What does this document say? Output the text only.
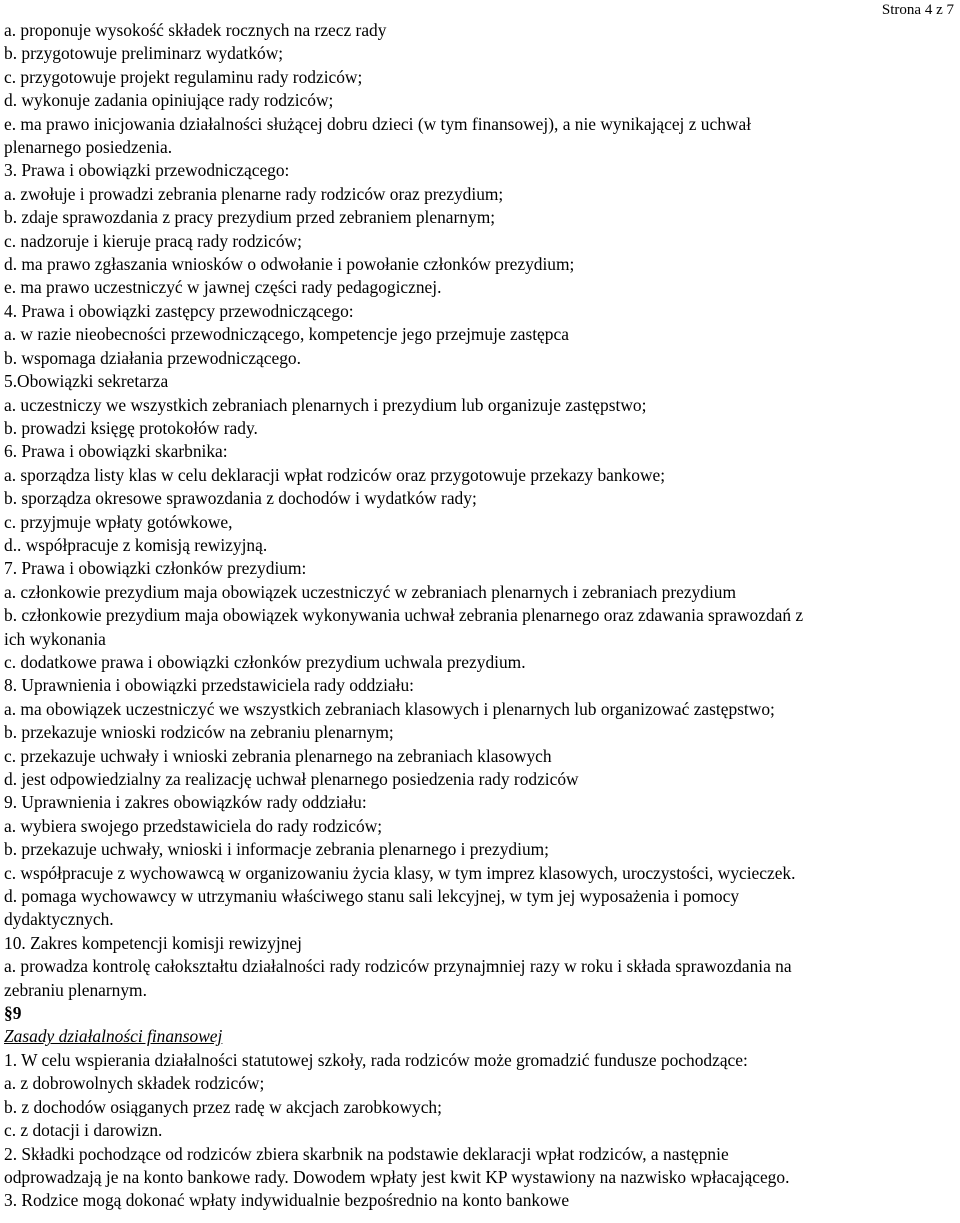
Strona 4 z 7
a. proponuje wysokość składek rocznych na rzecz rady
b. przygotowuje preliminarz wydatków;
c. przygotowuje projekt regulaminu rady rodziców;
d. wykonuje zadania opiniujące rady rodziców;
e. ma prawo inicjowania działalności służącej dobru dzieci (w tym finansowej), a nie wynikającej z uchwał
plenarnego posiedzenia.
3. Prawa i obowiązki przewodniczącego:
a. zwołuje i prowadzi zebrania plenarne rady rodziców oraz prezydium;
b. zdaje sprawozdania z pracy prezydium przed zebraniem plenarnym;
c. nadzoruje i kieruje pracą rady rodziców;
d. ma prawo zgłaszania wniosków o odwołanie i powołanie członków prezydium;
e. ma prawo uczestniczyć w jawnej części rady pedagogicznej.
4. Prawa i obowiązki zastępcy przewodniczącego:
a. w razie nieobecności przewodniczącego, kompetencje jego przejmuje zastępca
b. wspomaga działania przewodniczącego.
5.Obowiązki sekretarza
a. uczestniczy we wszystkich zebraniach plenarnych i prezydium lub organizuje zastępstwo;
b. prowadzi księgę protokołów rady.
6. Prawa i obowiązki skarbnika:
a. sporządza listy klas w celu deklaracji wpłat rodziców oraz przygotowuje przekazy bankowe;
b. sporządza okresowe sprawozdania z dochodów i wydatków rady;
c. przyjmuje wpłaty gotówkowe,
d.. współpracuje z komisją rewizyjną.
7. Prawa i obowiązki członków prezydium:
a. członkowie prezydium maja obowiązek uczestniczyć w zebraniach plenarnych i zebraniach prezydium
b. członkowie prezydium maja obowiązek wykonywania uchwał zebrania plenarnego oraz zdawania sprawozdań z
ich wykonania
c. dodatkowe prawa i obowiązki członków prezydium uchwala prezydium.
8. Uprawnienia i obowiązki przedstawiciela rady oddziału:
a. ma obowiązek uczestniczyć we wszystkich zebraniach klasowych i plenarnych lub organizować zastępstwo;
b. przekazuje wnioski rodziców na zebraniu plenarnym;
c. przekazuje uchwały i wnioski zebrania plenarnego na zebraniach klasowych
d. jest odpowiedzialny za realizację uchwał plenarnego posiedzenia rady rodziców
9. Uprawnienia i zakres obowiązków rady oddziału:
a. wybiera swojego przedstawiciela do rady rodziców;
b. przekazuje uchwały, wnioski i informacje zebrania plenarnego i prezydium;
c. współpracuje z wychowawcą w organizowaniu życia klasy, w tym imprez klasowych, uroczystości, wycieczek.
d. pomaga wychowawcy w utrzymaniu właściwego stanu sali lekcyjnej, w tym jej wyposażenia i pomocy
dydaktycznych.
10. Zakres kompetencji komisji rewizyjnej
a. prowadza kontrolę całokształtu działalności rady rodziców przynajmniej razy w roku i składa sprawozdania na
zebraniu plenarnym.
§9
Zasady działalności finansowej
1. W celu wspierania działalności statutowej szkoły, rada rodziców może gromadzić fundusze pochodzące:
a. z dobrowolnych składek rodziców;
b. z dochodów osiąganych przez radę w akcjach zarobkowych;
c. z dotacji i darowizn.
2. Składki pochodzące od rodziców zbiera skarbnik na podstawie deklaracji wpłat rodziców, a następnie
odprowadzają je na konto bankowe rady. Dowodem wpłaty jest kwit KP wystawiony na nazwisko wpłacającego.
3. Rodzice mogą dokonać wpłaty indywidualnie bezpośrednio na konto bankowe
